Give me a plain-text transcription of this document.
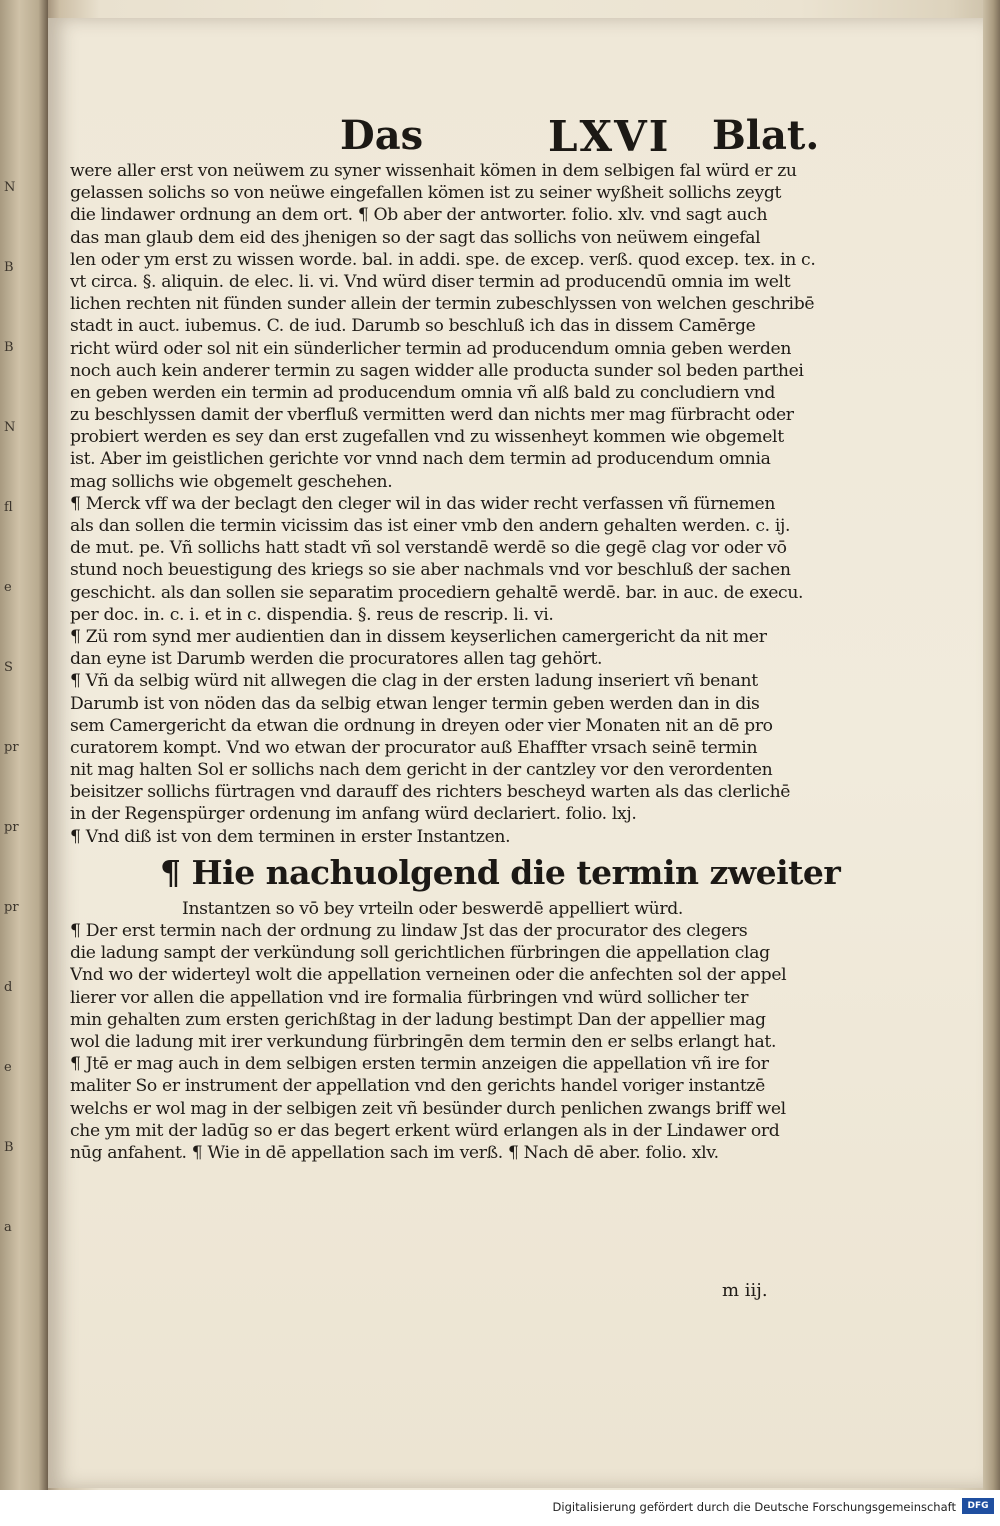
N
B
B
N
fl
e
S
pr
pr
pr
d
e
B
a
Das	LXVI Blat.
were aller erst von neüwem zu syner wissenhait kömen in dem selbigen fal würd er zu
gelassen solichs so von neüwe eingefallen kömen ist zu seiner wyßheit sollichs zeygt
die lindawer ordnung an dem ort. ¶ Ob aber der antworter. folio. xlv. vnd sagt auch
das man glaub dem eid des jhenigen so der sagt das sollichs von neüwem eingefal
len oder ym erst zu wissen worde. bal. in addi. spe. de excep. verß. quod excep. tex. in c.
vt circa. §. aliquin. de elec. li. vi. Vnd würd diser termin ad producendū omnia im welt
lichen rechten nit fünden sunder allein der termin zubeschlyssen von welchen geschribē
stadt in auct. iubemus. C. de iud. Darumb so beschluß ich das in dissem Camērge
richt würd oder sol nit ein sünderlicher termin ad producendum omnia geben werden
noch auch kein anderer termin zu sagen widder alle producta sunder sol beden parthei
en geben werden ein termin ad producendum omnia vñ alß bald zu concludiern vnd
zu beschlyssen damit der vberfluß vermitten werd dan nichts mer mag fürbracht oder
probiert werden es sey dan erst zugefallen vnd zu wissenheyt kommen wie obgemelt
ist. Aber im geistlichen gerichte vor vnnd nach dem termin ad producendum omnia
mag sollichs wie obgemelt geschehen.
¶ Merck vff wa der beclagt den cleger wil in das wider recht verfassen vñ fürnemen
als dan sollen die termin vicissim das ist einer vmb den andern gehalten werden. c. ij.
de mut. pe. Vñ sollichs hatt stadt vñ sol verstandē werdē so die gegē clag vor oder vō
stund noch beuestigung des kriegs so sie aber nachmals vnd vor beschluß der sachen
geschicht. als dan sollen sie separatim procediern gehaltē werdē. bar. in auc. de execu.
per doc. in. c. i. et in c. dispendia. §. reus de rescrip. li. vi.
¶ Zü rom synd mer audientien dan in dissem keyserlichen camergericht da nit mer
dan eyne ist Darumb werden die procuratores allen tag gehört.
¶ Vñ da selbig würd nit allwegen die clag in der ersten ladung inseriert vñ benant
Darumb ist von nöden das da selbig etwan lenger termin geben werden dan in dis
sem Camergericht da etwan die ordnung in dreyen oder vier Monaten nit an dē pro
curatorem kompt. Vnd wo etwan der procurator auß Ehaffter vrsach seinē termin
nit mag halten Sol er sollichs nach dem gericht in der cantzley vor den verordenten
beisitzer sollichs fürtragen vnd darauff des richters bescheyd warten als das clerlichē
in der Regenspürger ordenung im anfang würd declariert. folio. lxj.
¶ Vnd diß ist von dem terminen in erster Instantzen.
¶ Hie nachuolgend die termin zweiter
Instantzen so vō bey vrteiln oder beswerdē appelliert würd.
¶ Der erst termin nach der ordnung zu lindaw Jst das der procurator des clegers
die ladung sampt der verkündung soll gerichtlichen fürbringen die appellation clag
Vnd wo der widerteyl wolt die appellation verneinen oder die anfechten sol der appel
lierer vor allen die appellation vnd ire formalia fürbringen vnd würd sollicher ter
min gehalten zum ersten gerichßtag in der ladung bestimpt Dan der appellier mag
wol die ladung mit irer verkundung fürbringēn dem termin den er selbs erlangt hat.
¶ Jtē er mag auch in dem selbigen ersten termin anzeigen die appellation vñ ire for
maliter So er instrument der appellation vnd den gerichts handel voriger instantzē
welchs er wol mag in der selbigen zeit vñ besünder durch penlichen zwangs briff wel
che ym mit der ladūg so er das begert erkent würd erlangen als in der Lindawer ord
nūg anfahent. ¶ Wie in dē appellation sach im verß. ¶ Nach dē aber. folio. xlv.
m iij.
Digitalisierung gefördert durch die Deutsche Forschungsgemeinschaft	DFG
